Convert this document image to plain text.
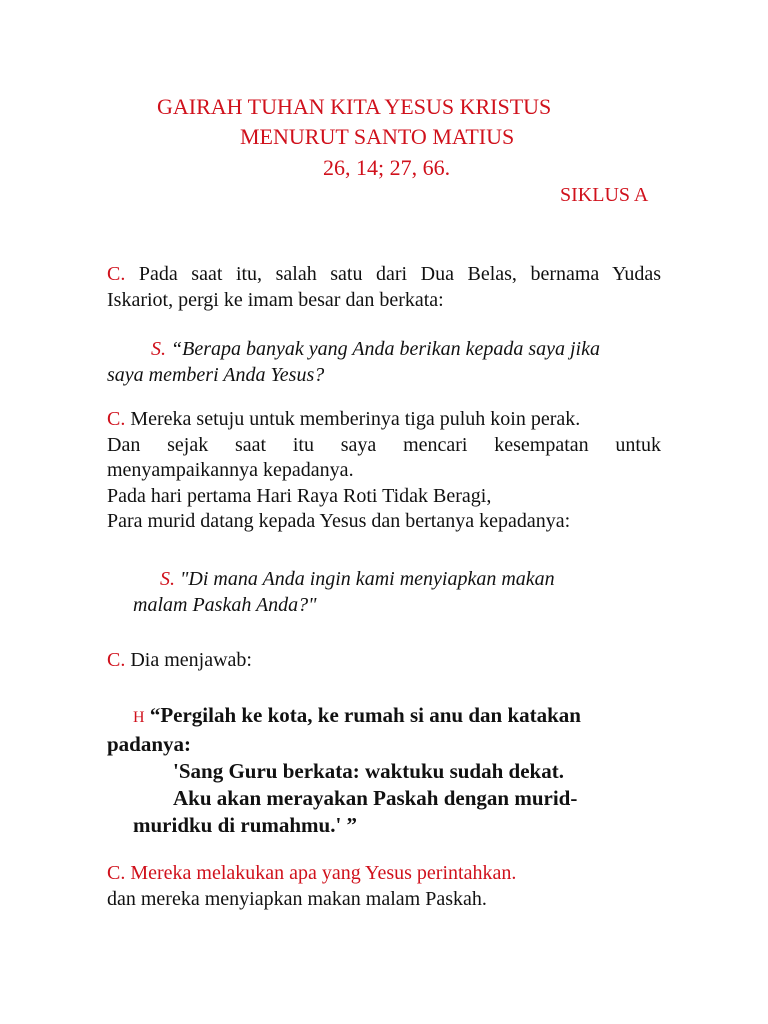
GAIRAH TUHAN KITA YESUS KRISTUS
MENURUT SANTO MATIUS
26, 14; 27, 66.
SIKLUS A
C. Pada saat itu, salah satu dari Dua Belas, bernama Yudas
Iskariot, pergi ke imam besar dan berkata:
S. “Berapa banyak yang Anda berikan kepada saya jika
saya memberi Anda Yesus?
C. Mereka setuju untuk memberinya tiga puluh koin perak.
Dan sejak saat itu saya mencari kesempatan untuk
menyampaikannya kepadanya.
Pada hari pertama Hari Raya Roti Tidak Beragi,
Para murid datang kepada Yesus dan bertanya kepadanya:
S. "Di mana Anda ingin kami menyiapkan makan
malam Paskah Anda?"
C. Dia menjawab:
H “Pergilah ke kota, ke rumah si anu dan katakan
padanya:
'Sang Guru berkata: waktuku sudah dekat.
Aku akan merayakan Paskah dengan murid-
muridku di rumahmu.' ”
C. Mereka melakukan apa yang Yesus perintahkan.
dan mereka menyiapkan makan malam Paskah.
